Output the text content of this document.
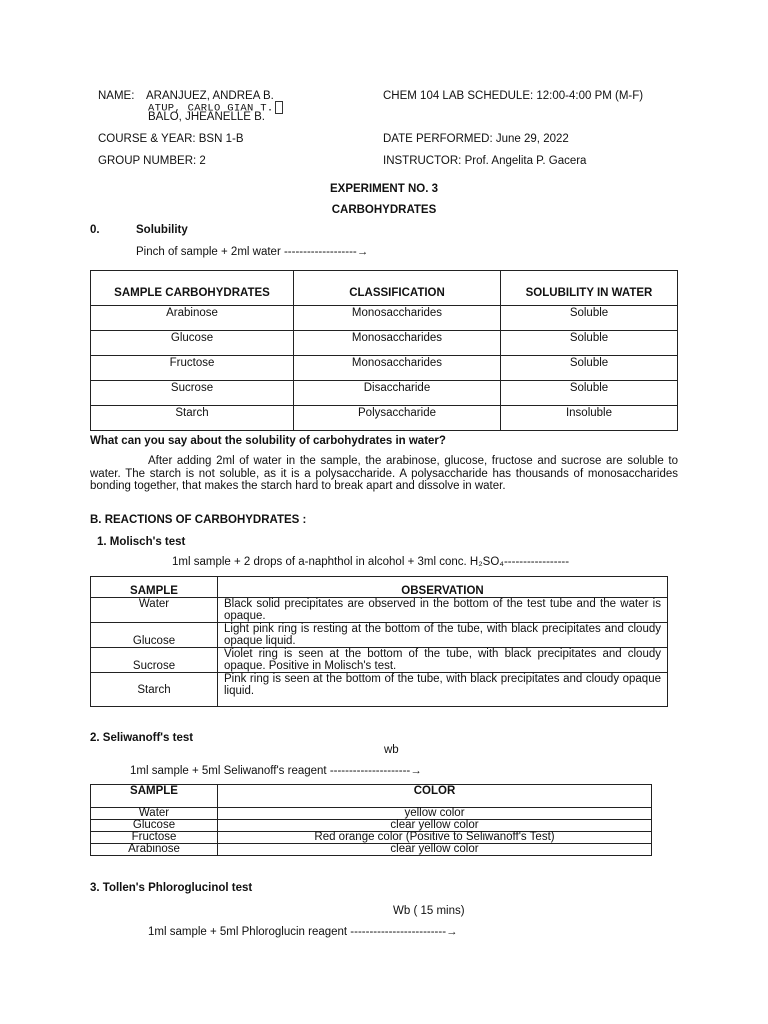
NAME: ARANJUEZ, ANDREA B.
ATUP, CARLO GIAN T.
BALO, JHEANELLE B.
CHEM 104 LAB SCHEDULE: 12:00-4:00 PM (M-F)
COURSE & YEAR: BSN 1-B	DATE PERFORMED: June 29, 2022
GROUP NUMBER: 2	INSTRUCTOR: Prof. Angelita P. Gacera
EXPERIMENT NO. 3
CARBOHYDRATES
0.	Solubility
Pinch of sample + 2ml water -------------------→
SAMPLE CARBOHYDRATES	CLASSIFICATION	SOLUBILITY IN WATER
Arabinose	Monosaccharides	Soluble
Glucose	Monosaccharides	Soluble
Fructose	Monosaccharides	Soluble
Sucrose	Disaccharide	Soluble
Starch	Polysaccharide	Insoluble
What can you say about the solubility of carbohydrates in water?
After adding 2ml of water in the sample, the arabinose, glucose, fructose and sucrose are soluble to water. The starch is not soluble, as it is a polysaccharide. A polysaccharide has thousands of monosaccharides bonding together, that makes the starch hard to break apart and dissolve in water.
B. REACTIONS OF CARBOHYDRATES :
1. Molisch's test
1ml sample + 2 drops of a-naphthol in alcohol + 3ml conc. H₂SO₄-----------------
SAMPLE	OBSERVATION
Water	Black solid precipitates are observed in the bottom of the test tube and the water is opaque.
Glucose	Light pink ring is resting at the bottom of the tube, with black precipitates and cloudy opaque liquid.
Sucrose	Violet ring is seen at the bottom of the tube, with black precipitates and cloudy opaque. Positive in Molisch's test.
Starch	Pink ring is seen at the bottom of the tube, with black precipitates and cloudy opaque liquid.
2. Seliwanoff's test
wb
1ml sample + 5ml Seliwanoff's reagent ---------------------→
SAMPLE	COLOR
Water	yellow color
Glucose	clear yellow color
Fructose	Red orange color (Positive to Seliwanoff's Test)
Arabinose	clear yellow color
3. Tollen's Phloroglucinol test
Wb ( 15 mins)
1ml sample + 5ml Phloroglucin reagent -------------------------→
